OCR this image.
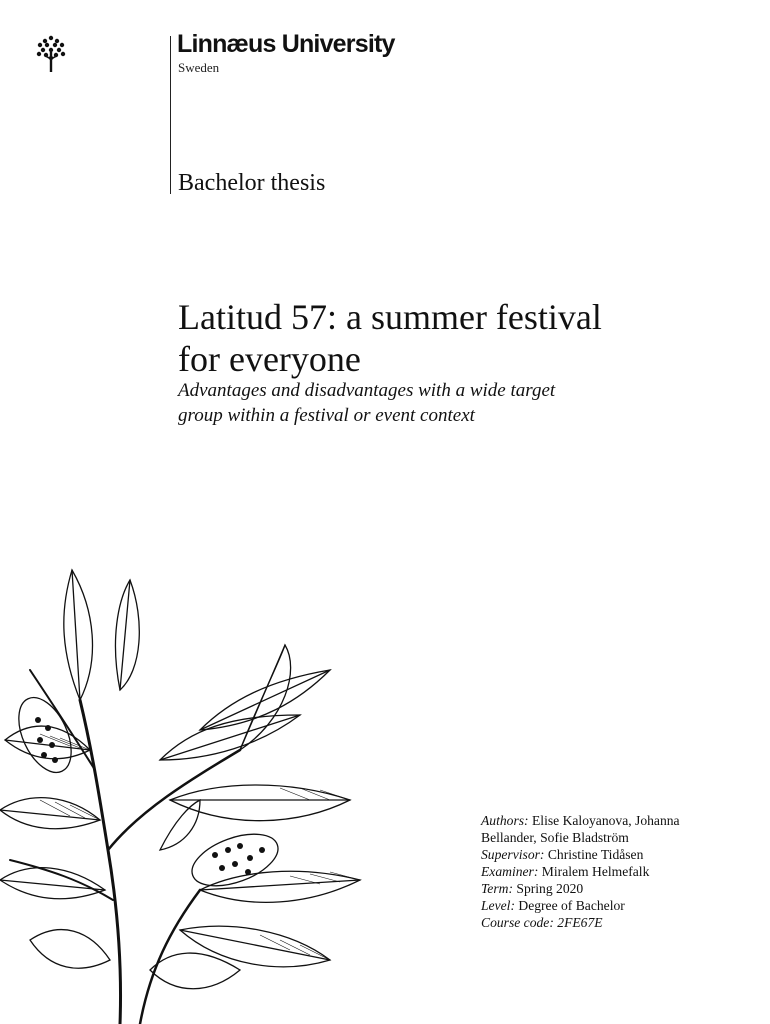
Linnæus University
Sweden
Bachelor thesis
Latitud 57: a summer festival
for everyone

Advantages and disadvantages with a wide target
group within a festival or event context

Authors: Elise Kaloyanova, Johanna
Bellander, Sofie Bladström
Supervisor: Christine Tidåsen
Examiner: Miralem Helmefalk
Term: Spring 2020
Level: Degree of Bachelor
Course code: 2FE67E
